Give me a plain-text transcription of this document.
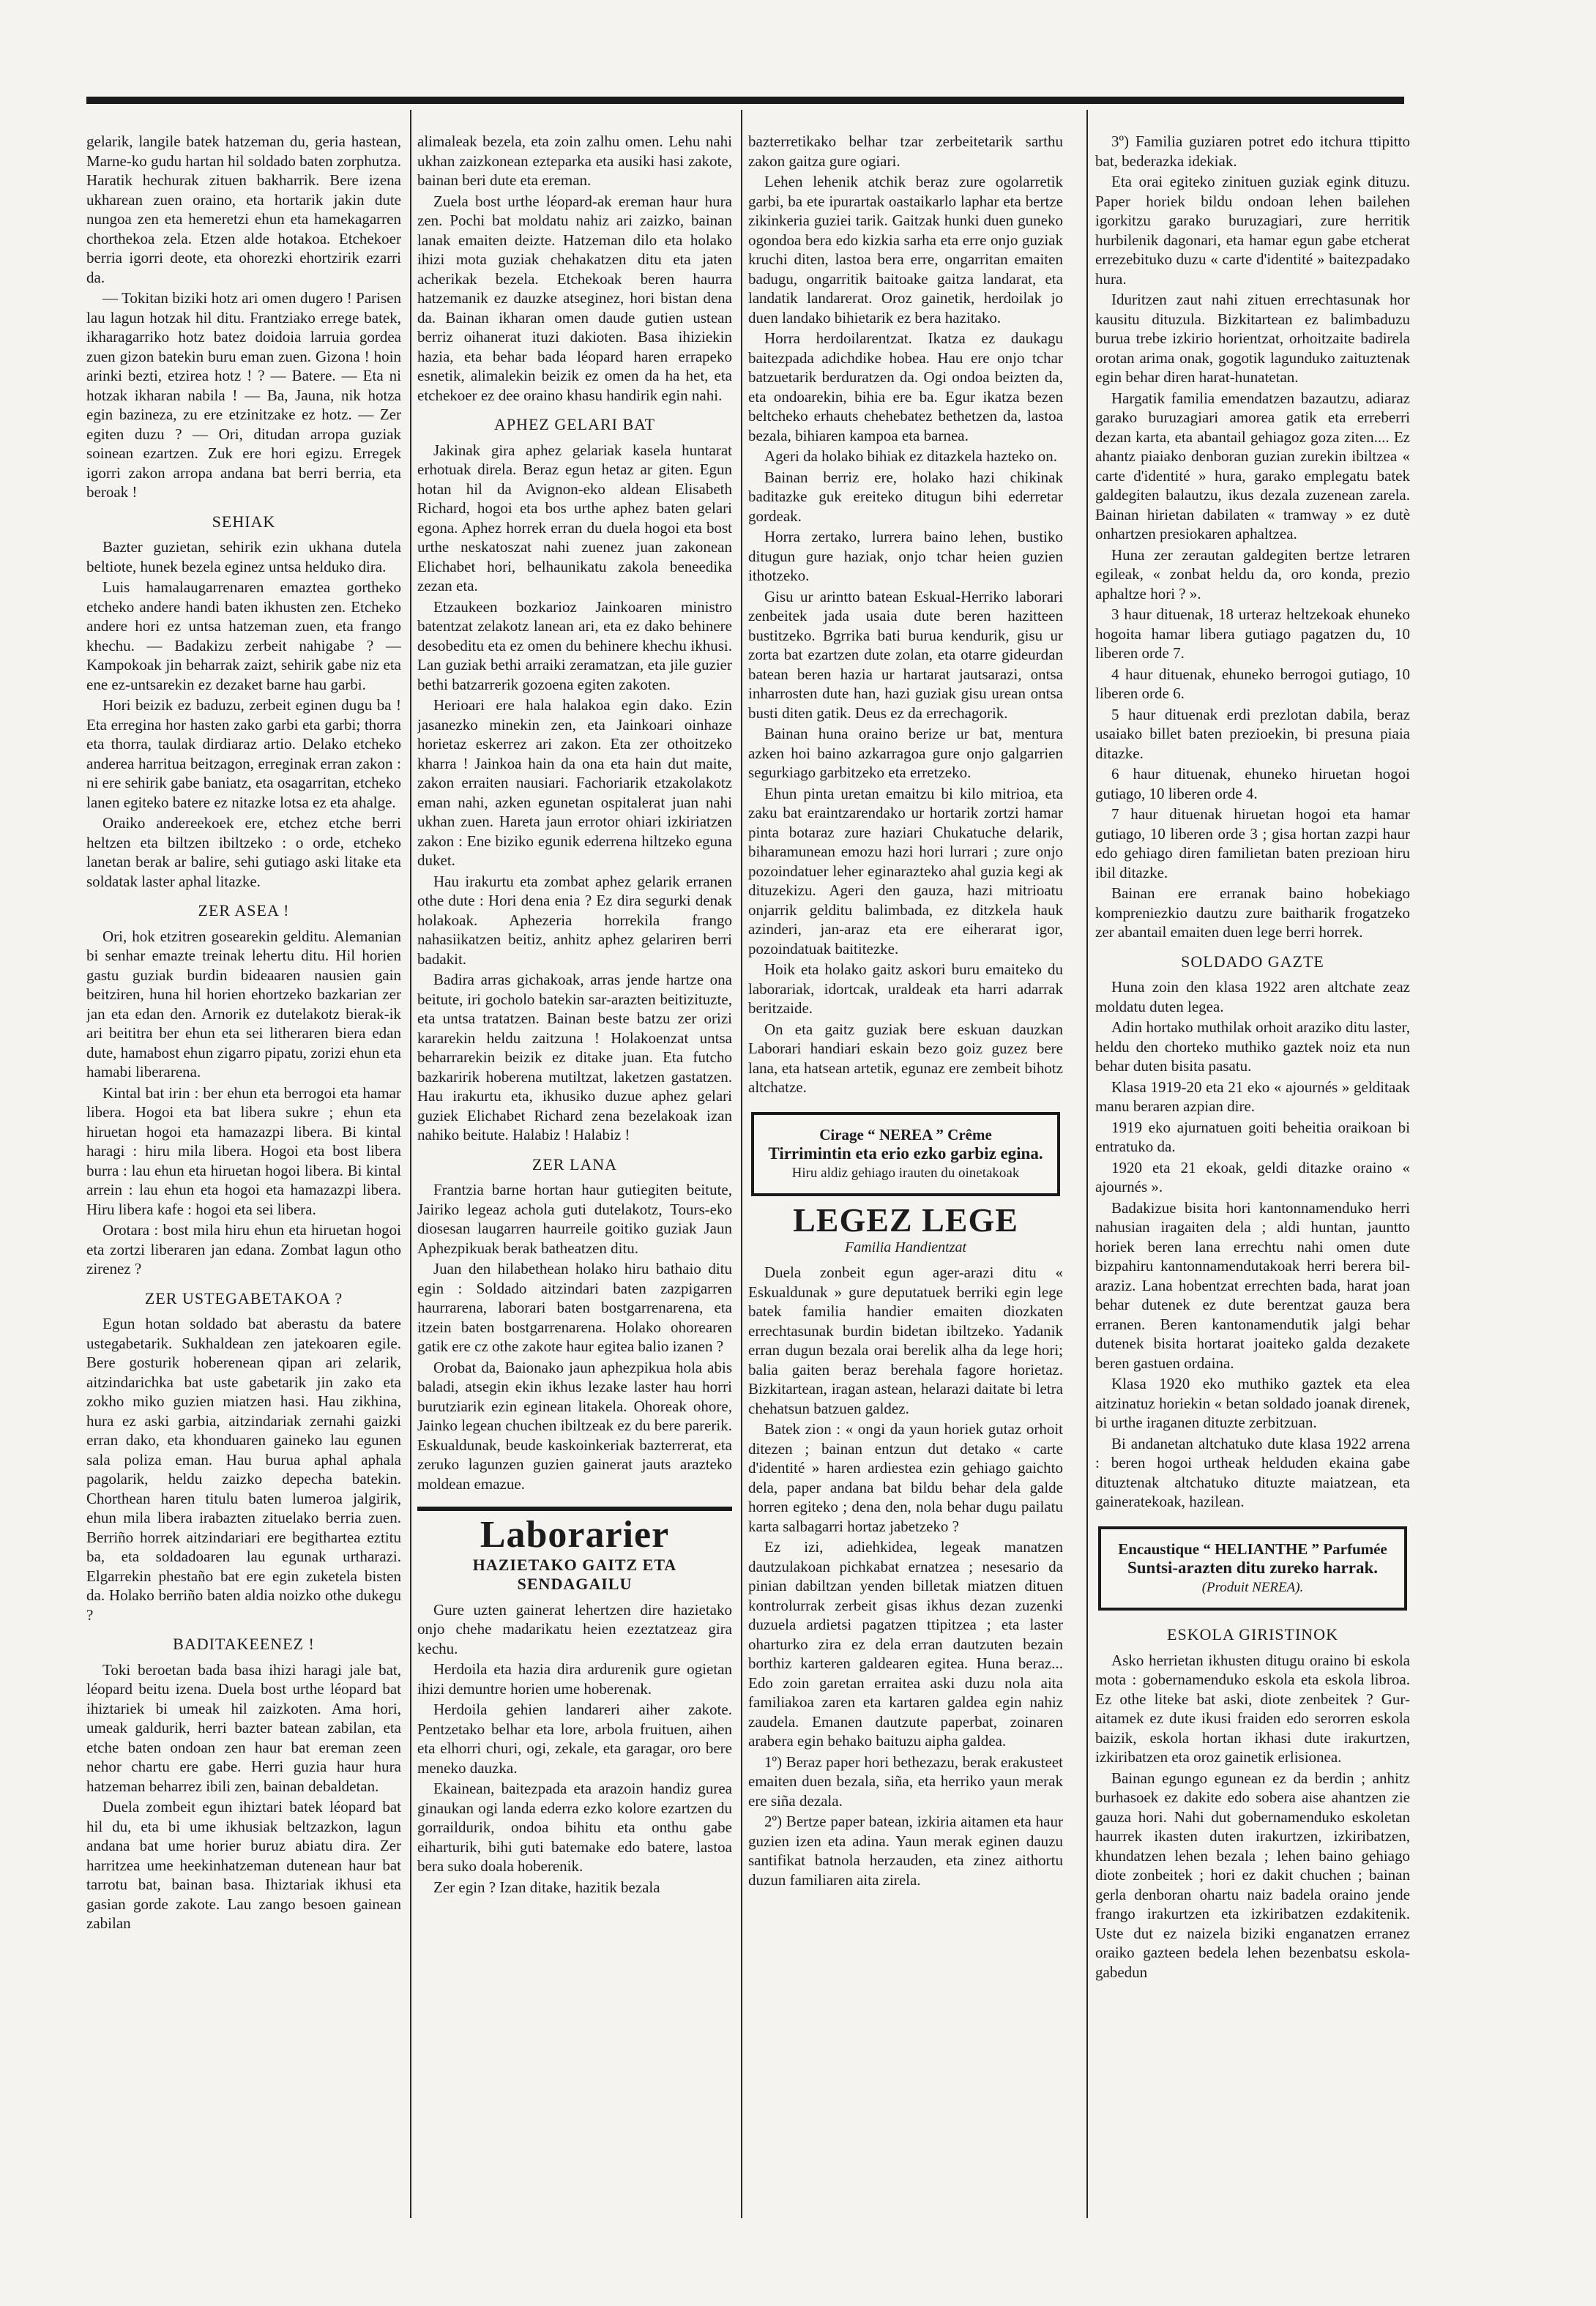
gelarik, langile batek hatzeman du, geria hastean, Marne-ko gudu hartan hil soldado baten zorphutza. Haratik hechurak zituen bakharrik. Bere izena ukharean zuen oraino, eta hortarik jakin dute nungoa zen eta hemeretzi ehun eta hamekagarren chorthekoa zela. Etzen alde hotakoa. Etchekoer berria igorri deote, eta ohorezki ehortzirik ezarri da.

— Tokitan biziki hotz ari omen dugero ! Parisen lau lagun hotzak hil ditu. Frantziako errege batek, ikharagarriko hotz batez doidoia larruia gordea zuen gizon batekin buru eman zuen. Gizona ! hoin arinki bezti, etzirea hotz ! ? — Batere. — Eta ni hotzak ikharan nabila ! — Ba, Jauna, nik hotza egin bazineza, zu ere etzinitzake ez hotz. — Zer egiten duzu ? — Ori, ditudan arropa guziak soinean ezartzen. Zuk ere hori egizu. Erregek igorri zakon arropa andana bat berri berria, eta beroak !

SEHIAK

Bazter guzietan, sehirik ezin ukhana dutela beltiote, hunek bezela eginez untsa helduko dira.

Luis hamalaugarrenaren emaztea gortheko etcheko andere handi baten ikhusten zen. Etcheko andere hori ez untsa hatzeman zuen, eta frango khechu. — Badakizu zerbeit nahigabe ? — Kampokoak jin beharrak zaizt, sehirik gabe niz eta ene ez-untsarekin ez dezaket barne hau garbi.

Hori beizik ez baduzu, zerbeit eginen dugu ba ! Eta erregina hor hasten zako garbi eta garbi; thorra eta thorra, taulak dirdiaraz artio. Delako etcheko anderea harritua beitzagon, erreginak erran zakon : ni ere sehirik gabe baniatz, eta osagarritan, etcheko lanen egiteko batere ez nitazke lotsa ez eta ahalge.

Oraiko andereekoek ere, etchez etche berri heltzen eta biltzen ibiltzeko : o orde, etcheko lanetan berak ar balire, sehi gutiago aski litake eta soldatak laster aphal litazke.

ZER ASEA !

Ori, hok etzitren gosearekin gelditu. Alemanian bi senhar emazte treinak lehertu ditu. Hil horien gastu guziak burdin bideaaren nausien gain beitziren, huna hil horien ehortzeko bazkarian zer jan eta edan den. Arnorik ez dutelakotz bierak-ik ari beititra ber ehun eta sei litheraren biera edan dute, hamabost ehun zigarro pipatu, zorizi ehun eta hamabi liberarena.

Kintal bat irin : ber ehun eta berrogoi eta hamar libera. Hogoi eta bat libera sukre ; ehun eta hiruetan hogoi eta hamazazpi libera. Bi kintal haragi : hiru mila libera. Hogoi eta bost libera burra : lau ehun eta hiruetan hogoi libera. Bi kintal arrein : lau ehun eta hogoi eta hamazazpi libera. Hiru libera kafe : hogoi eta sei libera.

Orotara : bost mila hiru ehun eta hiruetan hogoi eta zortzi liberaren jan edana. Zombat lagun otho zirenez ?

ZER USTEGABETAKOA ?

Egun hotan soldado bat aberastu da batere ustegabetarik. Sukhaldean zen jatekoaren egile. Bere gosturik hoberenean qipan ari zelarik, aitzindarichka bat uste gabetarik jin zako eta zokho miko guzien miatzen hasi. Hau zikhina, hura ez aski garbia, aitzindariak zernahi gaizki erran dako, eta khonduaren gaineko lau egunen sala poliza eman. Hau burua aphal aphala pagolarik, heldu zaizko depecha batekin. Chorthean haren titulu baten lumeroa jalgirik, ehun mila libera irabazten zituelako berria zuen. Berriño horrek aitzindariari ere begithartea eztitu ba, eta soldadoaren lau egunak urtharazi. Elgarrekin phestaño bat ere egin zuketela bisten da. Holako berriño baten aldia noizko othe dukegu ?

BADITAKEENEZ !

Toki beroetan bada basa ihizi haragi jale bat, léopard beitu izena. Duela bost urthe léopard bat ihiztariek bi umeak hil zaizkoten. Ama hori, umeak galdurik, herri bazter batean zabilan, eta etche baten ondoan zen haur bat ereman zeen nehor chartu ere gabe. Herri guzia haur hura hatzeman beharrez ibili zen, bainan debaldetan.

Duela zombeit egun ihiztari batek léopard bat hil du, eta bi ume ikhusiak beltzazkon, lagun andana bat ume horier buruz abiatu dira. Zer harritzea ume heekinhatzeman dutenean haur bat tarrotu bat, bainan basa. Ihiztariak ikhusi eta gasian gorde zakote. Lau zango besoen gainean zabilan

alimaleak bezela, eta zoin zalhu omen. Lehu nahi ukhan zaizkonean ezteparka eta ausiki hasi zakote, bainan beri dute eta ereman.

Zuela bost urthe léopard-ak ereman haur hura zen. Pochi bat moldatu nahiz ari zaizko, bainan lanak emaiten deizte. Hatzeman dilo eta holako ihizi mota guziak chehakatzen ditu eta jaten acherikak bezela. Etchekoak beren haurra hatzemanik ez dauzke atseginez, hori bistan dena da. Bainan ikharan omen daude gutien ustean berriz oihanerat ituzi dakioten. Basa ihiziekin hazia, eta behar bada léopard haren errapeko esnetik, alimalekin beizik ez omen da ha het, eta etchekoer ez dee oraino khasu handirik egin nahi.

APHEZ GELARI BAT

Jakinak gira aphez gelariak kasela huntarat erhotuak direla. Beraz egun hetaz ar giten. Egun hotan hil da Avignon-eko aldean Elisabeth Richard, hogoi eta bos urthe aphez baten gelari egona. Aphez horrek erran du duela hogoi eta bost urthe neskatoszat nahi zuenez juan zakonean Elichabet hori, belhaunikatu zakola beneedika zezan eta.

Etzaukeen bozkarioz Jainkoaren ministro batentzat zelakotz lanean ari, eta ez dako behinere desobeditu eta ez omen du behinere khechu ikhusi. Lan guziak bethi arraiki zeramatzan, eta jile guzier bethi batzarrerik gozoena egiten zakoten.

Herioari ere hala halakoa egin dako. Ezin jasanezko minekin zen, eta Jainkoari oinhaze horietaz eskerrez ari zakon. Eta zer othoitzeko kharra ! Jainkoa hain da ona eta hain dut maite, zakon erraiten nausiari. Fachoriarik etzakolakotz eman nahi, azken egunetan ospitalerat juan nahi ukhan zuen. Hareta jaun errotor ohiari izkiriatzen zakon : Ene biziko egunik ederrena hiltzeko eguna duket.

Hau irakurtu eta zombat aphez gelarik erranen othe dute : Hori dena enia ? Ez dira segurki denak holakoak. Aphezeria horrekila frango nahasiikatzen beitiz, anhitz aphez gelariren berri badakit.

Badira arras gichakoak, arras jende hartze ona beitute, iri gocholo batekin sar-arazten beitizituzte, eta untsa tratatzen. Bainan beste batzu zer orizi kararekin heldu zaitzuna ! Holakoenzat untsa beharrarekin beizik ez ditake juan. Eta futcho bazkaririk hoberena mutiltzat, laketzen gastatzen. Hau irakurtu eta, ikhusiko duzue aphez gelari guziek Elichabet Richard zena bezelakoak izan nahiko beitute. Halabiz ! Halabiz !

ZER LANA

Frantzia barne hortan haur gutiegiten beitute, Jairiko legeaz achola guti dutelakotz, Tours-eko diosesan laugarren haurreile goitiko guziak Jaun Aphezpikuak berak batheatzen ditu.

Juan den hilabethean holako hiru bathaio ditu egin : Soldado aitzindari baten zazpigarren haurrarena, laborari baten bostgarrenarena, eta itzein baten bostgarrenarena. Holako ohorearen gatik ere cz othe zakote haur egitea balio izanen ?

Orobat da, Baionako jaun aphezpikua hola abis baladi, atsegin ekin ikhus lezake laster hau horri burutziarik ezin eginean litakela. Ohoreak ohore, Jainko legean chuchen ibiltzeak ez du bere parerik. Eskualdunak, beude kaskoinkeriak bazterrerat, eta zeruko lagunzen guzien gainerat jauts arazteko moldean emazue.

Laborarier
HAZIETAKO GAITZ ETA SENDAGAILU

Gure uzten gainerat lehertzen dire hazietako onjo chehe madarikatu heien ezeztatzeaz gira kechu.

Herdoila eta hazia dira ardurenik gure ogietan ihizi demuntre horien ume hoberenak.

Herdoila gehien landareri aiher zakote. Pentzetako belhar eta lore, arbola fruituen, aihen eta elhorri churi, ogi, zekale, eta garagar, oro bere meneko dauzka.

Ekainean, baitezpada eta arazoin handiz gurea ginaukan ogi landa ederra ezko kolore ezartzen du gorraildurik, ondoa bihitu eta onthu gabe eiharturik, bihi guti batemake edo batere, lastoa bera suko doala hoberenik.

Zer egin ? Izan ditake, hazitik bezala

bazterretikako belhar tzar zerbeitetarik sarthu zakon gaitza gure ogiari.

Lehen lehenik atchik beraz zure ogolarretik garbi, ba ete ipurartak oastaikarlo laphar eta bertze zikinkeria guziei tarik. Gaitzak hunki duen guneko ogondoa bera edo kizkia sarha eta erre onjo guziak kruchi diten, lastoa bera erre, ongarritan emaiten badugu, ongarritik baitoake gaitza landarat, eta landatik landarerat. Oroz gainetik, herdoilak jo duen landako bihietarik ez bera hazitako.

Horra herdoilarentzat. Ikatza ez daukagu baitezpada adichdike hobea. Hau ere onjo tchar batzuetarik berduratzen da. Ogi ondoa beizten da, eta ondoarekin, bihia ere ba. Egur ikatza bezen beltcheko erhauts chehebatez bethetzen da, lastoa bezala, bihiaren kampoa eta barnea.

Ageri da holako bihiak ez ditazkela hazteko on.

Bainan berriz ere, holako hazi chikinak baditazke guk ereiteko ditugun bihi ederretar gordeak.

Horra zertako, lurrera baino lehen, bustiko ditugun gure haziak, onjo tchar heien guzien ithotzeko.

Gisu ur arintto batean Eskual-Herriko laborari zenbeitek jada usaia dute beren hazitteen bustitzeko. Bgrrika bati burua kendurik, gisu ur zorta bat ezartzen dute zolan, eta otarre gideurdan batean beren hazia ur hartarat jautsarazi, ontsa inharrosten dute han, hazi guziak gisu urean ontsa busti diten gatik. Deus ez da errechagorik.

Bainan huna oraino berize ur bat, mentura azken hoi baino azkarragoa gure onjo galgarrien segurkiago garbitzeko eta erretzeko.

Ehun pinta uretan emaitzu bi kilo mitrioa, eta zaku bat eraintzarendako ur hortarik zortzi hamar pinta botaraz zure haziari Chukatuche delarik, biharamunean emozu hazi hori lurrari ; zure onjo pozoindatuer leher eginarazteko ahal guzia kegi ak dituzekizu. Ageri den gauza, hazi mitrioatu onjarrik gelditu balimbada, ez ditzkela hauk azinderi, jan-araz eta ere eiherarat igor, pozoindatuak baititezke.

Hoik eta holako gaitz askori buru emaiteko du laborariak, idortcak, uraldeak eta harri adarrak beritzaide.

On eta gaitz guziak bere eskuan dauzkan Laborari handiari eskain bezo goiz guzez bere lana, eta hatsean artetik, egunaz ere zembeit bihotz altchatze.

Cirage “ NEREA ” Crême
Tirrimintin eta erio ezko garbiz egina.
Hiru aldiz gehiago irauten du oinetakoak
LEGEZ LEGE
Familia Handientzat

Duela zonbeit egun ager-arazi ditu « Eskualdunak » gure deputatuek berriki egin lege batek familia handier emaiten diozkaten errechtasunak burdin bidetan ibiltzeko. Yadanik erran dugun bezala orai berelik alha da lege hori; balia gaiten beraz berehala fagore horietaz. Bizkitartean, iragan astean, helarazi daitate bi letra chehatsun batzuen galdez.

Batek zion : « ongi da yaun horiek gutaz orhoit ditezen ; bainan entzun dut detako « carte d'identité » haren ardiestea ezin gehiago gaichto dela, paper andana bat bildu behar dela galde horren egiteko ; dena den, nola behar dugu pailatu karta salbagarri hortaz jabetzeko ?

Ez izi, adiehkidea, legeak manatzen dautzulakoan pichkabat ernatzea ; nesesario da pinian dabiltzan yenden billetak miatzen dituen kontrolurrak zerbeit gisas ikhus dezan zuzenki duzuela ardietsi pagatzen ttipitzea ; eta laster oharturko zira ez dela erran dautzuten bezain borthiz karteren galdearen egitea. Huna beraz... Edo zoin garetan erraitea aski duzu nola aita familiakoa zaren eta kartaren galdea egin nahiz zaudela. Emanen dautzute paperbat, zoinaren arabera egin behako baituzu aipha galdea.

1º) Beraz paper hori bethezazu, berak erakusteet emaiten duen bezala, siña, eta herriko yaun merak ere siña dezala.

2º) Bertze paper batean, izkiria aitamen eta haur guzien izen eta adina. Yaun merak eginen dauzu santifikat batnola herzauden, eta zinez aithortu duzun familiaren aita zirela.

3º) Familia guziaren potret edo itchura ttipitto bat, bederazka idekiak.

Eta orai egiteko zinituen guziak egink dituzu. Paper horiek bildu ondoan lehen bailehen igorkitzu garako buruzagiari, zure herritik hurbilenik dagonari, eta hamar egun gabe etcherat errezebituko duzu « carte d'identité » baitezpadako hura.

Iduritzen zaut nahi zituen errechtasunak hor kausitu dituzula. Bizkitartean ez balimbaduzu burua trebe izkirio horientzat, orhoitzaite badirela orotan arima onak, gogotik lagunduko zaituztenak egin behar diren harat-hunatetan.

Hargatik familia emendatzen bazautzu, adiaraz garako buruzagiari amorea gatik eta erreberri dezan karta, eta abantail gehiagoz goza ziten.... Ez ahantz piaiako denboran guzian zurekin ibiltzea « carte d'identité » hura, garako emplegatu batek galdegiten balautzu, ikus dezala zuzenean zarela. Bainan hirietan dabilaten « tramway » ez dutè onhartzen presiokaren aphaltzea.

Huna zer zerautan galdegiten bertze letraren egileak, « zonbat heldu da, oro konda, prezio aphaltze hori ? ».

3 haur dituenak, 18 urteraz heltzekoak ehuneko hogoita hamar libera gutiago pagatzen du, 10 liberen orde 7.

4 haur dituenak, ehuneko berrogoi gutiago, 10 liberen orde 6.

5 haur dituenak erdi prezlotan dabila, beraz usaiako billet baten prezioekin, bi presuna piaia ditazke.

6 haur dituenak, ehuneko hiruetan hogoi gutiago, 10 liberen orde 4.

7 haur dituenak hiruetan hogoi eta hamar gutiago, 10 liberen orde 3 ; gisa hortan zazpi haur edo gehiago diren familietan baten prezioan hiru ibil ditazke.

Bainan ere erranak baino hobekiago kompreniezkio dautzu zure baitharik frogatzeko zer abantail emaiten duen lege berri horrek.

SOLDADO GAZTE

Huna zoin den klasa 1922 aren altchate zeaz moldatu duten legea.

Adin hortako muthilak orhoit araziko ditu laster, heldu den chorteko muthiko gaztek noiz eta nun behar duten bisita pasatu.

Klasa 1919-20 eta 21 eko « ajournés » gelditaak manu beraren azpian dire.

1919 eko ajurnatuen goiti beheitia oraikoan bi entratuko da.

1920 eta 21 ekoak, geldi ditazke oraino « ajournés ».

Badakizue bisita hori kantonnamenduko herri nahusian iragaiten dela ; aldi huntan, jauntto horiek beren lana errechtu nahi omen dute bizpahiru kantonnamendutakoak herri berera bil-araziz. Lana hobentzat errechten bada, harat joan behar dutenek ez dute berentzat gauza bera erranen. Beren kantonamendutik jalgi behar dutenek bisita hortarat joaiteko galda dezakete beren gastuen ordaina.

Klasa 1920 eko muthiko gaztek eta elea aitzinatuz horiekin « betan soldado joanak direnek, bi urthe iraganen dituzte zerbitzuan.

Bi andanetan altchatuko dute klasa 1922 arrena : beren hogoi urtheak helduden ekaina gabe dituztenak altchatuko dituzte maiatzean, eta gaineratekoak, hazilean.

Encaustique “ HELIANTHE ” Parfumée
Suntsi-arazten ditu zureko harrak.
(Produit NEREA).
ESKOLA GIRISTINOK

Asko herrietan ikhusten ditugu oraino bi eskola mota : gobernamenduko eskola eta eskola libroa. Ez othe liteke bat aski, diote zenbeitek ? Gur-aitamek ez dute ikusi fraiden edo serorren eskola baizik, eskola hortan ikhasi dute irakurtzen, izkiribatzen eta oroz gainetik erlisionea.

Bainan egungo egunean ez da berdin ; anhitz burhasoek ez dakite edo sobera aise ahantzen zie gauza hori. Nahi dut gobernamenduko eskoletan haurrek ikasten duten irakurtzen, izkiribatzen, khundatzen lehen bezala ; lehen baino gehiago diote zonbeitek ; hori ez dakit chuchen ; bainan gerla denboran ohartu naiz badela oraino jende frango irakurtzen eta izkiribatzen ezdakitenik. Uste dut ez naizela biziki enganatzen erranez oraiko gazteen bedela lehen bezenbatsu eskola-gabedun
